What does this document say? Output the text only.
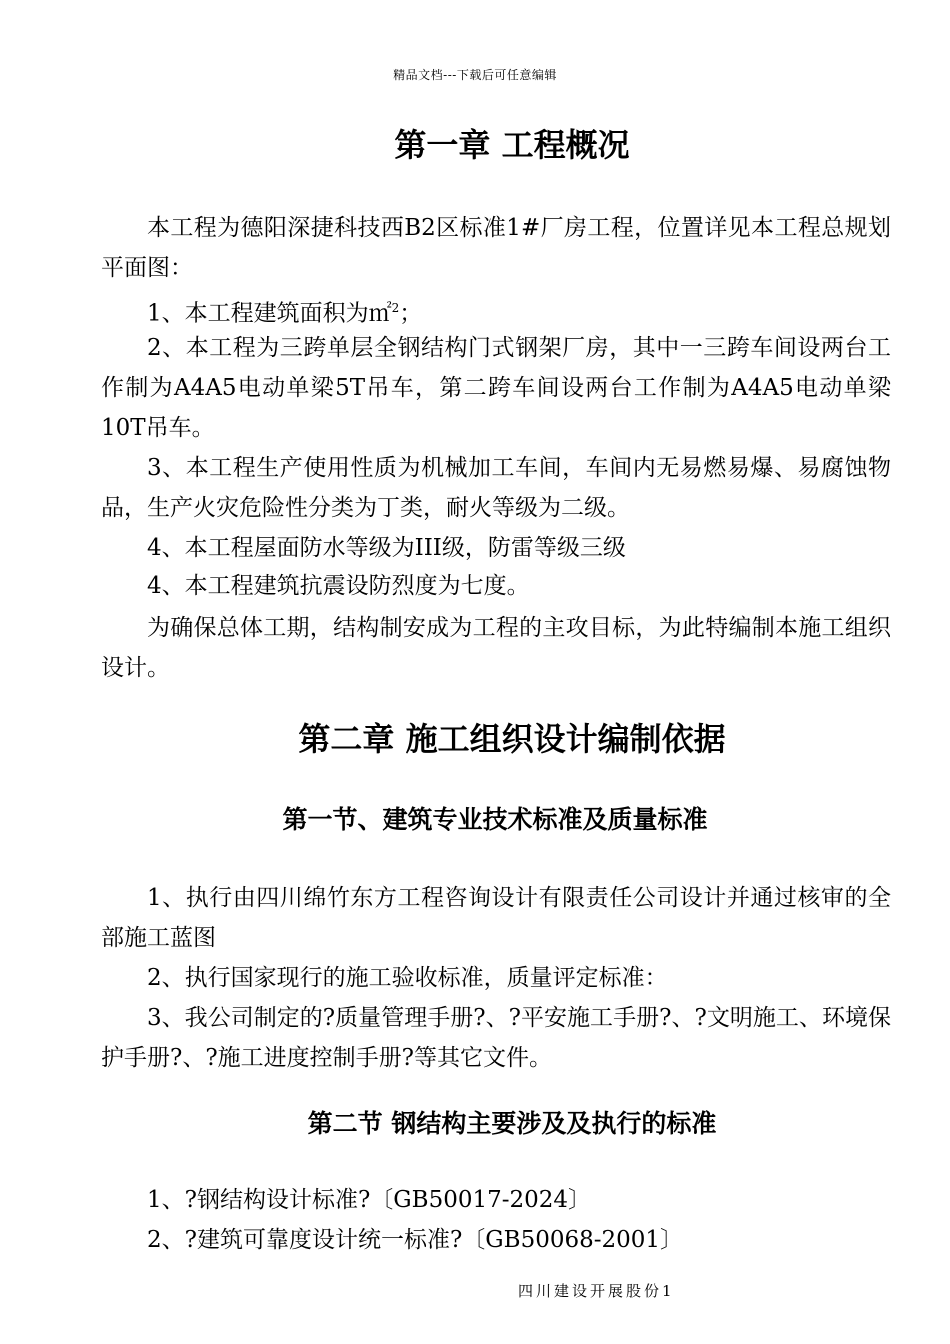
精品文档---下载后可任意编辑
第一章 工程概况

本工程为德阳深捷科技西B2区标准1#厂房工程，位置详见本工程总规划平面图：

1、本工程建筑面积为㎡$^2$；

2、本工程为三跨单层全钢结构门式钢架厂房，其中一三跨车间设两台工作制为A4A5电动单梁5T吊车，第二跨车间设两台工作制为A4A5电动单梁10T吊车。

3、本工程生产使用性质为机械加工车间，车间内无易燃易爆、易腐蚀物品，生产火灾危险性分类为丁类，耐火等级为二级。

4、本工程屋面防水等级为III级，防雷等级三级

4、本工程建筑抗震设防烈度为七度。

为确保总体工期，结构制安成为工程的主攻目标，为此特编制本施工组织设计。

第二章 施工组织设计编制依据
第一节、建筑专业技术标准及质量标准

1、执行由四川绵竹东方工程咨询设计有限责任公司设计并通过核审的全部施工蓝图

2、执行国家现行的施工验收标准，质量评定标准：

3、我公司制定的?质量管理手册?、?平安施工手册?、?文明施工、环境保护手册?、?施工进度控制手册?等其它文件。

第二节 钢结构主要涉及及执行的标准

1、?钢结构设计标准?〔GB50017-2024〕

2、?建筑可靠度设计统一标准?〔GB50068-2001〕

四川建设开展股份1
